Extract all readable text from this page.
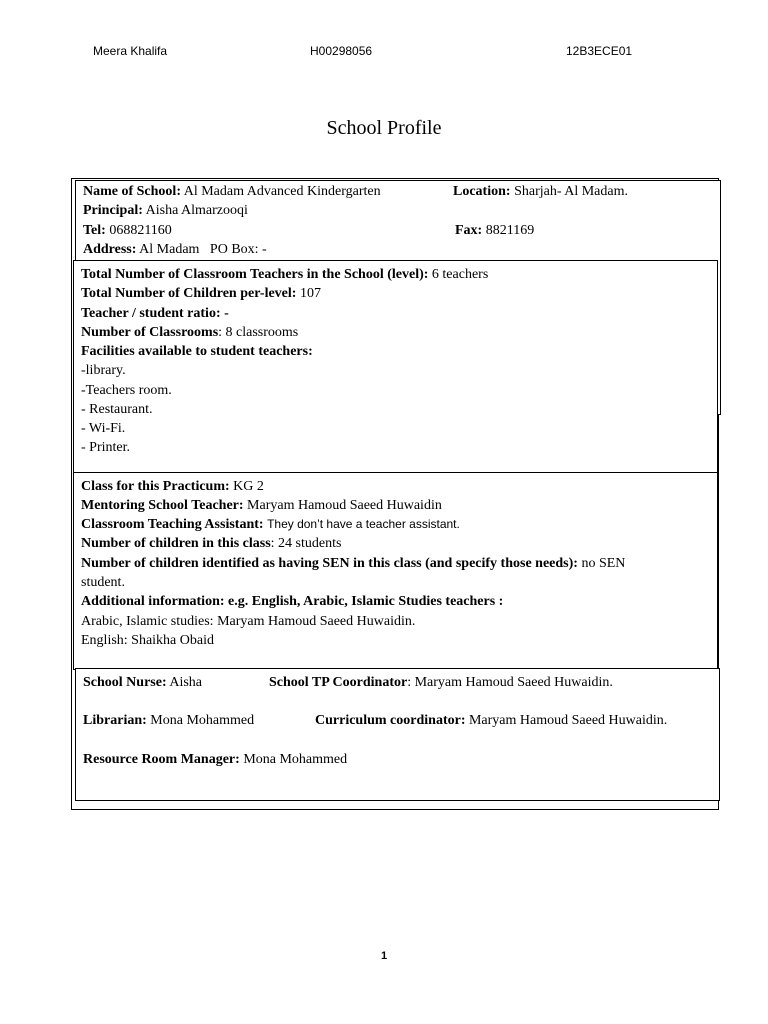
Meera Khalifa	H00298056	12B3ECE01
School Profile
Name of School: Al Madam Advanced Kindergarten	Location: Sharjah- Al Madam.
Principal: Aisha Almarzooqi
Tel: 068821160	Fax: 8821169
Address: Al Madam   PO Box: -
Total Number of Classroom Teachers in the School (level): 6 teachers
Total Number of Children per-level: 107
Teacher / student ratio: -
Number of Classrooms: 8 classrooms
Facilities available to student teachers:
-library.
-Teachers room.
- Restaurant.
- Wi-Fi.
- Printer.
Class for this Practicum: KG 2
Mentoring School Teacher: Maryam Hamoud Saeed Huwaidin
Classroom Teaching Assistant: They don’t have a teacher assistant.
Number of children in this class: 24 students
Number of children identified as having SEN in this class (and specify those needs): no SEN
student.
Additional information: e.g. English, Arabic, Islamic Studies teachers :
Arabic, Islamic studies: Maryam Hamoud Saeed Huwaidin.
English: Shaikha Obaid
School Nurse: Aisha	School TP Coordinator: Maryam Hamoud Saeed Huwaidin.
Librarian: Mona Mohammed	Curriculum coordinator: Maryam Hamoud Saeed Huwaidin.
Resource Room Manager: Mona Mohammed
1
